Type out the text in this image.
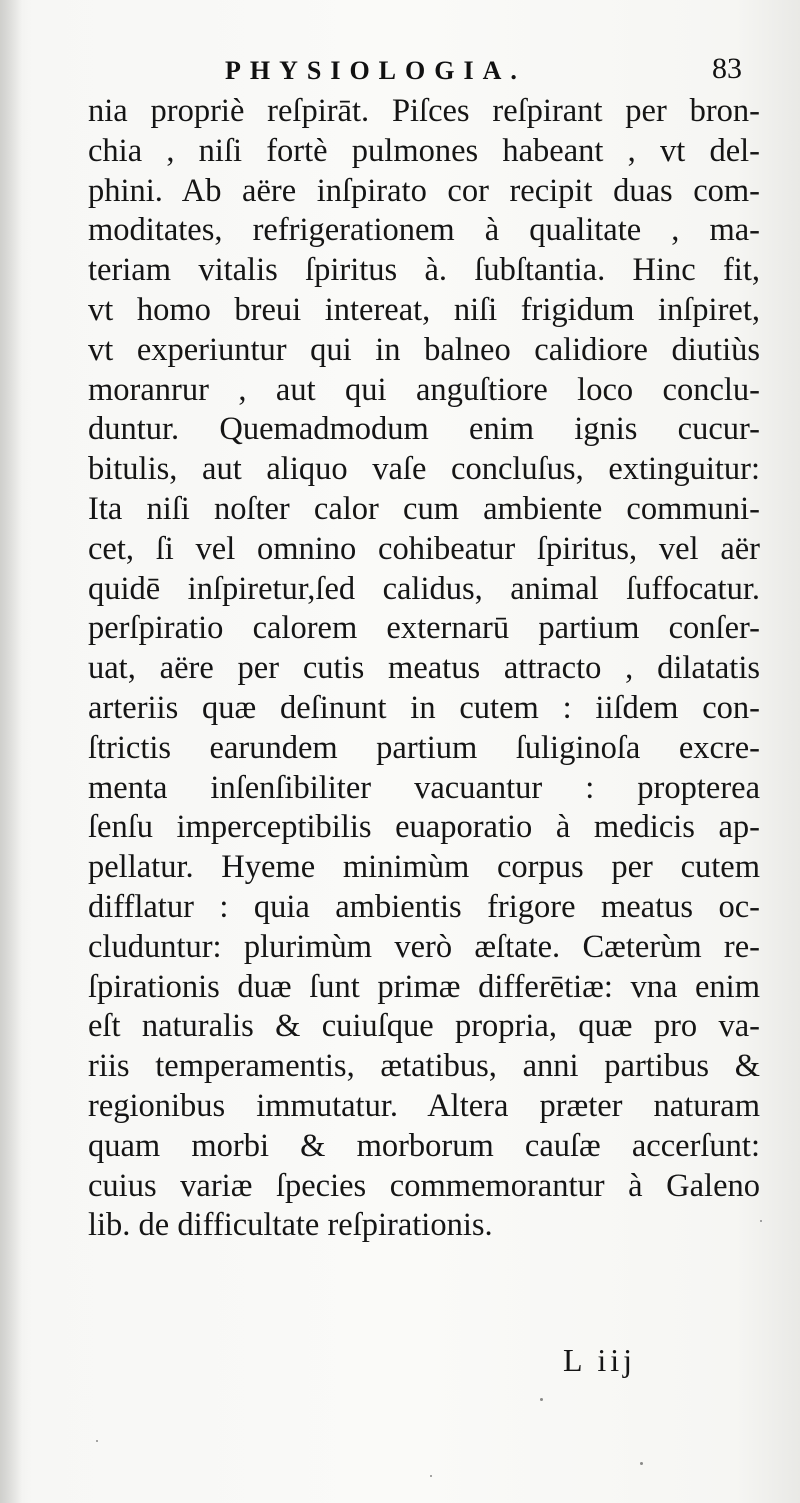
PHYSIOLOGIA.	83
nia propriè reſpirāt. Piſces reſpirant per bron-
chia , niſi fortè pulmones habeant , vt del-
phini. Ab aëre inſpirato cor recipit duas com-
moditates, refrigerationem à qualitate , ma-
teriam vitalis ſpiritus à. ſubſtantia. Hinc fit,
vt homo breui intereat, niſi frigidum inſpiret,
vt experiuntur qui in balneo calidiore diutiùs
moranrur , aut qui anguſtiore loco conclu-
duntur. Quemadmodum enim ignis cucur-
bitulis, aut aliquo vaſe concluſus, extinguitur:
Ita niſi noſter calor cum ambiente communi-
cet, ſi vel omnino cohibeatur ſpiritus, vel aër
quidē inſpiretur,ſed calidus, animal ſuffocatur.
perſpiratio calorem externarū partium conſer-
uat, aëre per cutis meatus attracto , dilatatis
arteriis quæ deſinunt in cutem : iiſdem con-
ſtrictis earundem partium ſuliginoſa excre-
menta inſenſibiliter vacuantur : propterea
ſenſu imperceptibilis euaporatio à medicis ap-
pellatur. Hyeme minimùm corpus per cutem
difflatur : quia ambientis frigore meatus oc-
cluduntur: plurimùm verò æſtate. Cæterùm re-
ſpirationis duæ ſunt primæ differētiæ: vna enim
eſt naturalis & cuiuſque propria, quæ pro va-
riis temperamentis, ætatibus, anni partibus &
regionibus immutatur. Altera præter naturam
quam morbi & morborum cauſæ accerſunt:
cuius variæ ſpecies commemorantur à Galeno
lib. de difficultate reſpirationis.
L iij
